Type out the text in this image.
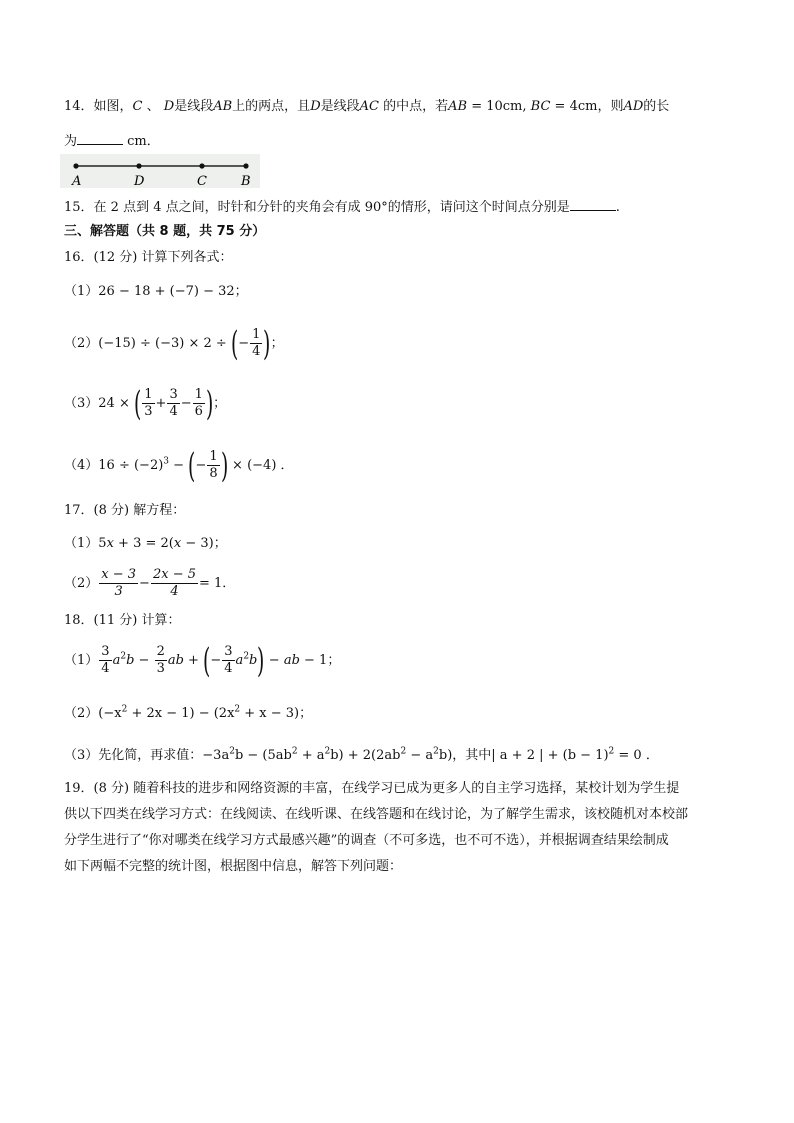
14．如图，C 、 D是线段AB上的两点，且D是线段AC 的中点，若AB = 10cm, BC = 4cm，则AD的长
为	cm．
A	D	C	B
15．在 2 点到 4 点之间，时针和分针的夹角会有成 90°的情形，请问这个时间点分别是	.
三、解答题（共 8 题，共 75 分）
16．(12 分) 计算下列各式：
（1）26 − 18 + (−7) − 32；
（2）(−15) ÷ (−3) × 2 ÷ (− $\frac{1}{4}$ )；
（3）24 × ( $\frac{1}{3} + \frac{3}{4} - \frac{1}{6}$ )；
$(4)16 \div (-2)^3$ − (− $\frac{1}{8}$ ) × (−4) ．
17．(8 分) 解方程：
（1）5x + 3 = 2(x − 3)；
$(2) \frac{x - 3}{3} - \frac{2x - 5}{4} = 1$．
18．(11 分) 计算：
$(1) \frac{3}{4} a^2b - \frac{2}{3}$ ab + (− $\frac{3}{4} a^2b$) − ab − 1；
$(2)(-x^2 + 2x - 1) - (2x^2 + x - 3)$；
（3）先化简，再求值：$-3a^2b - (5ab^2 + a^2b) + 2(2ab^2 - a^2b)$，其中| a + 2 | + $(b - 1)^2 = 0$ ．
19．(8 分) 随着科技的进步和网络资源的丰富，在线学习已成为更多人的自主学习选择，某校计划为学生提
供以下四类在线学习方式：在线阅读、在线听课、在线答题和在线讨论，为了解学生需求，该校随机对本校部
分学生进行了“你对哪类在线学习方式最感兴趣”的调查（不可多选，也不可不选），并根据调查结果绘制成
如下两幅不完整的统计图，根据图中信息，解答下列问题：
